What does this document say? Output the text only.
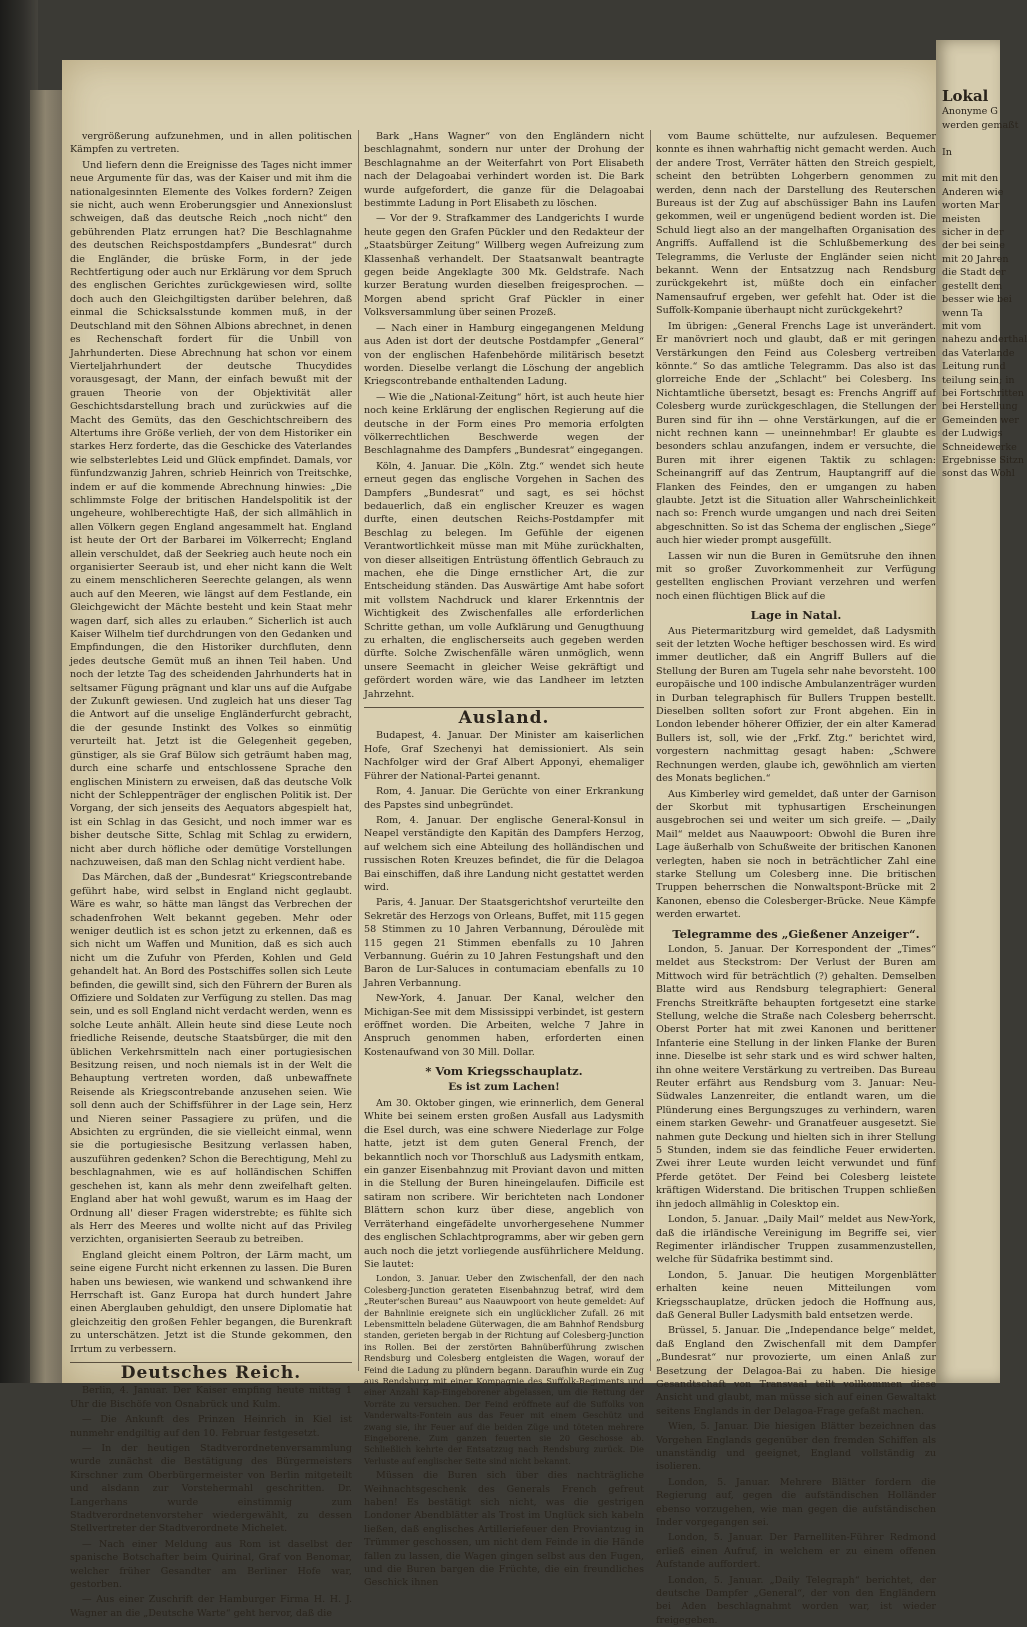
vergrößerung aufzunehmen, und in allen politischen Kämpfen zu vertreten.

Und liefern denn die Ereignisse des Tages nicht immer neue Argumente für das, was der Kaiser und mit ihm die nationalgesinnten Elemente des Volkes fordern? Zeigen sie nicht, auch wenn Eroberungsgier und Annexionslust schweigen, daß das deutsche Reich „noch nicht“ den gebührenden Platz errungen hat? Die Beschlagnahme des deutschen Reichspostdampfers „Bundesrat“ durch die Engländer, die brüske Form, in der jede Rechtfertigung oder auch nur Erklärung vor dem Spruch des englischen Gerichtes zurückgewiesen wird, sollte doch auch den Gleichgiltigsten darüber belehren, daß einmal die Schicksalsstunde kommen muß, in der Deutschland mit den Söhnen Albions abrechnet, in denen es Rechenschaft fordert für die Unbill von Jahrhunderten. Diese Abrechnung hat schon vor einem Vierteljahrhundert der deutsche Thucydides vorausgesagt, der Mann, der einfach bewußt mit der grauen Theorie von der Objektivität aller Geschichtsdarstellung brach und zurückwies auf die Macht des Gemüts, das den Geschichtschreibern des Altertums ihre Größe verlieh, der von dem Historiker ein starkes Herz forderte, das die Geschicke des Vaterlandes wie selbsterlebtes Leid und Glück empfindet. Damals, vor fünfundzwanzig Jahren, schrieb Heinrich von Treitschke, indem er auf die kommende Abrechnung hinwies: „Die schlimmste Folge der britischen Handelspolitik ist der ungeheure, wohlberechtigte Haß, der sich allmählich in allen Völkern gegen England angesammelt hat. England ist heute der Ort der Barbarei im Völkerrecht; England allein verschuldet, daß der Seekrieg auch heute noch ein organisierter Seeraub ist, und eher nicht kann die Welt zu einem menschlicheren Seerechte gelangen, als wenn auch auf den Meeren, wie längst auf dem Festlande, ein Gleichgewicht der Mächte besteht und kein Staat mehr wagen darf, sich alles zu erlauben.“ Sicherlich ist auch Kaiser Wilhelm tief durchdrungen von den Gedanken und Empfindungen, die den Historiker durchfluten, denn jedes deutsche Gemüt muß an ihnen Teil haben. Und noch der letzte Tag des scheidenden Jahrhunderts hat in seltsamer Fügung prägnant und klar uns auf die Aufgabe der Zukunft gewiesen. Und zugleich hat uns dieser Tag die Antwort auf die unselige Engländerfurcht gebracht, die der gesunde Instinkt des Volkes so einmütig verurteilt hat. Jetzt ist die Gelegenheit gegeben, günstiger, als sie Graf Bülow sich geträumt haben mag, durch eine scharfe und entschlossene Sprache den englischen Ministern zu erweisen, daß das deutsche Volk nicht der Schleppenträger der englischen Politik ist. Der Vorgang, der sich jenseits des Aequators abgespielt hat, ist ein Schlag in das Gesicht, und noch immer war es bisher deutsche Sitte, Schlag mit Schlag zu erwidern, nicht aber durch höfliche oder demütige Vorstellungen nachzuweisen, daß man den Schlag nicht verdient habe.

Das Märchen, daß der „Bundesrat“ Kriegscontrebande geführt habe, wird selbst in England nicht geglaubt. Wäre es wahr, so hätte man längst das Verbrechen der schadenfrohen Welt bekannt gegeben. Mehr oder weniger deutlich ist es schon jetzt zu erkennen, daß es sich nicht um Waffen und Munition, daß es sich auch nicht um die Zufuhr von Pferden, Kohlen und Geld gehandelt hat. An Bord des Postschiffes sollen sich Leute befinden, die gewillt sind, sich den Führern der Buren als Offiziere und Soldaten zur Verfügung zu stellen. Das mag sein, und es soll England nicht verdacht werden, wenn es solche Leute anhält. Allein heute sind diese Leute noch friedliche Reisende, deutsche Staatsbürger, die mit den üblichen Verkehrsmitteln nach einer portugiesischen Besitzung reisen, und noch niemals ist in der Welt die Behauptung vertreten worden, daß unbewaffnete Reisende als Kriegscontrebande anzusehen seien. Wie soll denn auch der Schiffsführer in der Lage sein, Herz und Nieren seiner Passagiere zu prüfen, und die Absichten zu ergründen, die sie vielleicht einmal, wenn sie die portugiesische Besitzung verlassen haben, auszuführen gedenken? Schon die Berechtigung, Mehl zu beschlagnahmen, wie es auf holländischen Schiffen geschehen ist, kann als mehr denn zweifelhaft gelten. England aber hat wohl gewußt, warum es im Haag der Ordnung all' dieser Fragen widerstrebte; es fühlte sich als Herr des Meeres und wollte nicht auf das Privileg verzichten, organisierten Seeraub zu betreiben.

England gleicht einem Poltron, der Lärm macht, um seine eigene Furcht nicht erkennen zu lassen. Die Buren haben uns bewiesen, wie wankend und schwankend ihre Herrschaft ist. Ganz Europa hat durch hundert Jahre einen Aberglauben gehuldigt, den unsere Diplomatie hat gleichzeitig den großen Fehler begangen, die Burenkraft zu unterschätzen. Jetzt ist die Stunde gekommen, den Irrtum zu verbessern.

Deutsches Reich.

Berlin, 4. Januar. Der Kaiser empfing heute mittag 1 Uhr die Bischöfe von Osnabrück und Kulm.

— Die Ankunft des Prinzen Heinrich in Kiel ist nunmehr endgiltig auf den 10. Februar festgesetzt.

— In der heutigen Stadtverordnetenversammlung wurde zunächst die Bestätigung des Bürgermeisters Kirschner zum Oberbürgermeister von Berlin mitgeteilt und alsdann zur Vorstehermahl geschritten. Dr. Langerhans wurde einstimmig zum Stadtverordnetenvorsteher wiedergewählt, zu dessen Stellvertreter der Stadtverordnete Michelet.

— Nach einer Meldung aus Rom ist daselbst der spanische Botschafter beim Quirinal, Graf von Benomar, welcher früher Gesandter am Berliner Hofe war, gestorben.

— Aus einer Zuschrift der Hamburger Firma H. H. J. Wagner an die „Deutsche Warte“ geht hervor, daß die

Bark „Hans Wagner“ von den Engländern nicht beschlagnahmt, sondern nur unter der Drohung der Beschlagnahme an der Weiterfahrt von Port Elisabeth nach der Delagoabai verhindert worden ist. Die Bark wurde aufgefordert, die ganze für die Delagoabai bestimmte Ladung in Port Elisabeth zu löschen.

— Vor der 9. Strafkammer des Landgerichts I wurde heute gegen den Grafen Pückler und den Redakteur der „Staatsbürger Zeitung“ Willberg wegen Aufreizung zum Klassenhaß verhandelt. Der Staatsanwalt beantragte gegen beide Angeklagte 300 Mk. Geldstrafe. Nach kurzer Beratung wurden dieselben freigesprochen. — Morgen abend spricht Graf Pückler in einer Volksversammlung über seinen Prozeß.

— Nach einer in Hamburg eingegangenen Meldung aus Aden ist dort der deutsche Postdampfer „General“ von der englischen Hafenbehörde militärisch besetzt worden. Dieselbe verlangt die Löschung der angeblich Kriegscontrebande enthaltenden Ladung.

— Wie die „National-Zeitung“ hört, ist auch heute hier noch keine Erklärung der englischen Regierung auf die deutsche in der Form eines Pro memoria erfolgten völkerrechtlichen Beschwerde wegen der Beschlagnahme des Dampfers „Bundesrat“ eingegangen.

Köln, 4. Januar. Die „Köln. Ztg.“ wendet sich heute erneut gegen das englische Vorgehen in Sachen des Dampfers „Bundesrat“ und sagt, es sei höchst bedauerlich, daß ein englischer Kreuzer es wagen durfte, einen deutschen Reichs-Postdampfer mit Beschlag zu belegen. Im Gefühle der eigenen Verantwortlichkeit müsse man mit Mühe zurückhalten, von dieser allseitigen Entrüstung öffentlich Gebrauch zu machen, ehe die Dinge ernstlicher Art, die zur Entscheidung ständen. Das Auswärtige Amt habe sofort mit vollstem Nachdruck und klarer Erkenntnis der Wichtigkeit des Zwischenfalles alle erforderlichen Schritte gethan, um volle Aufklärung und Genugthuung zu erhalten, die englischerseits auch gegeben werden dürfte. Solche Zwischenfälle wären unmöglich, wenn unsere Seemacht in gleicher Weise gekräftigt und gefördert worden wäre, wie das Landheer im letzten Jahrzehnt.

Ausland.

Budapest, 4. Januar. Der Minister am kaiserlichen Hofe, Graf Szechenyi hat demissioniert. Als sein Nachfolger wird der Graf Albert Apponyi, ehemaliger Führer der National-Partei genannt.

Rom, 4. Januar. Die Gerüchte von einer Erkrankung des Papstes sind unbegründet.

Rom, 4. Januar. Der englische General-Konsul in Neapel verständigte den Kapitän des Dampfers Herzog, auf welchem sich eine Abteilung des holländischen und russischen Roten Kreuzes befindet, die für die Delagoa Bai einschiffen, daß ihre Landung nicht gestattet werden wird.

Paris, 4. Januar. Der Staatsgerichtshof verurteilte den Sekretär des Herzogs von Orleans, Buffet, mit 115 gegen 58 Stimmen zu 10 Jahren Verbannung, Déroulède mit 115 gegen 21 Stimmen ebenfalls zu 10 Jahren Verbannung. Guérin zu 10 Jahren Festungshaft und den Baron de Lur-Saluces in contumaciam ebenfalls zu 10 Jahren Verbannung.

New-York, 4. Januar. Der Kanal, welcher den Michigan-See mit dem Mississippi verbindet, ist gestern eröffnet worden. Die Arbeiten, welche 7 Jahre in Anspruch genommen haben, erforderten einen Kostenaufwand von 30 Mill. Dollar.

* Vom Kriegsschauplatz.
Es ist zum Lachen!

Am 30. Oktober gingen, wie erinnerlich, dem General White bei seinem ersten großen Ausfall aus Ladysmith die Esel durch, was eine schwere Niederlage zur Folge hatte, jetzt ist dem guten General French, der bekanntlich noch vor Thorschluß aus Ladysmith entkam, ein ganzer Eisenbahnzug mit Proviant davon und mitten in die Stellung der Buren hineingelaufen. Difficile est satiram non scribere. Wir berichteten nach Londoner Blättern schon kurz über diese, angeblich von Verräterhand eingefädelte unvorhergesehene Nummer des englischen Schlachtprogramms, aber wir geben gern auch noch die jetzt vorliegende ausführlichere Meldung. Sie lautet:

London, 3. Januar. Ueber den Zwischenfall, der den nach Colesberg-Junction gerateten Eisenbahnzug betraf, wird dem „Reuter'schen Bureau“ aus Naauwpoort von heute gemeldet: Auf der Bahnlinie ereignete sich ein unglücklicher Zufall. 26 mit Lebensmitteln beladene Güterwagen, die am Bahnhof Rendsburg standen, gerieten bergab in der Richtung auf Colesberg-Junction ins Rollen. Bei der zerstörten Bahnüberführung zwischen Rendsburg und Colesberg entgleisten die Wagen, worauf der Feind die Ladung zu plündern begann. Daraufhin wurde ein Zug aus Rendsburg mit einer Kompagnie des Suffolk-Regiments und einer Anzahl Kap-Eingeborener abgelassen, um die Rettung der Vorräte zu versuchen. Der Feind eröffnete auf die Suffolks von Vanderwalts-Fontein aus das Feuer mit einem Geschütz und zwang sie, ihr Feuer auf die beiden Züge und töteten mehrere Eingeborene. Zum ganzen feuerten sie 20 Geschosse ab. Schließlich kehrte der Entsatzzug nach Rendsburg zurück. Die Verluste auf englischer Seite sind nicht bekannt.

Müssen die Buren sich über dies nachträgliche Weihnachtsgeschenk des Generals French gefreut haben! Es bestätigt sich nicht, was die gestrigen Londoner Abendblätter als Trost im Unglück sich kabeln ließen, daß englisches Artilleriefeuer den Proviantzug in Trümmer geschossen, um nicht dem Feinde in die Hände fallen zu lassen, die Wagen gingen selbst aus den Fugen, und die Buren bargen die Früchte, die ein freundliches Geschick ihnen

vom Baume schüttelte, nur aufzulesen. Bequemer konnte es ihnen wahrhaftig nicht gemacht werden. Auch der andere Trost, Verräter hätten den Streich gespielt, scheint den betrübten Lohgerbern genommen zu werden, denn nach der Darstellung des Reuterschen Bureaus ist der Zug auf abschüssiger Bahn ins Laufen gekommen, weil er ungenügend bedient worden ist. Die Schuld liegt also an der mangelhaften Organisation des Angriffs. Auffallend ist die Schlußbemerkung des Telegramms, die Verluste der Engländer seien nicht bekannt. Wenn der Entsatzzug nach Rendsburg zurückgekehrt ist, müßte doch ein einfacher Namensaufruf ergeben, wer gefehlt hat. Oder ist die Suffolk-Kompanie überhaupt nicht zurückgekehrt?

Im übrigen: „General Frenchs Lage ist unverändert. Er manövriert noch und glaubt, daß er mit geringen Verstärkungen den Feind aus Colesberg vertreiben könnte.“ So das amtliche Telegramm. Das also ist das glorreiche Ende der „Schlacht“ bei Colesberg. Ins Nichtamtliche übersetzt, besagt es: Frenchs Angriff auf Colesberg wurde zurückgeschlagen, die Stellungen der Buren sind für ihn — ohne Verstärkungen, auf die er nicht rechnen kann — uneinnehmbar! Er glaubte es besonders schlau anzufangen, indem er versuchte, die Buren mit ihrer eigenen Taktik zu schlagen: Scheinangriff auf das Zentrum, Hauptangriff auf die Flanken des Feindes, den er umgangen zu haben glaubte. Jetzt ist die Situation aller Wahrscheinlichkeit nach so: French wurde umgangen und nach drei Seiten abgeschnitten. So ist das Schema der englischen „Siege“ auch hier wieder prompt ausgefüllt.

Lassen wir nun die Buren in Gemütsruhe den ihnen mit so großer Zuvorkommenheit zur Verfügung gestellten englischen Proviant verzehren und werfen noch einen flüchtigen Blick auf die

Lage in Natal.

Aus Pietermaritzburg wird gemeldet, daß Ladysmith seit der letzten Woche heftiger beschossen wird. Es wird immer deutlicher, daß ein Angriff Bullers auf die Stellung der Buren am Tugela sehr nahe bevorsteht. 100 europäische und 100 indische Ambulanzenträger wurden in Durban telegraphisch für Bullers Truppen bestellt. Dieselben sollten sofort zur Front abgehen. Ein in London lebender höherer Offizier, der ein alter Kamerad Bullers ist, soll, wie der „Frkf. Ztg.“ berichtet wird, vorgestern nachmittag gesagt haben: „Schwere Rechnungen werden, glaube ich, gewöhnlich am vierten des Monats beglichen.“

Aus Kimberley wird gemeldet, daß unter der Garnison der Skorbut mit typhusartigen Erscheinungen ausgebrochen sei und weiter um sich greife. — „Daily Mail“ meldet aus Naauwpoort: Obwohl die Buren ihre Lage äußerhalb von Schußweite der britischen Kanonen verlegten, haben sie noch in beträchtlicher Zahl eine starke Stellung um Colesberg inne. Die britischen Truppen beherrschen die Nonwaltspont-Brücke mit 2 Kanonen, ebenso die Colesberger-Brücke. Neue Kämpfe werden erwartet.

Telegramme des „Gießener Anzeiger“.

London, 5. Januar. Der Korrespondent der „Times“ meldet aus Steckstrom: Der Verlust der Buren am Mittwoch wird für beträchtlich (?) gehalten. Demselben Blatte wird aus Rendsburg telegraphiert: General Frenchs Streitkräfte behaupten fortgesetzt eine starke Stellung, welche die Straße nach Colesberg beherrscht. Oberst Porter hat mit zwei Kanonen und berittener Infanterie eine Stellung in der linken Flanke der Buren inne. Dieselbe ist sehr stark und es wird schwer halten, ihn ohne weitere Verstärkung zu vertreiben. Das Bureau Reuter erfährt aus Rendsburg vom 3. Januar: Neu-Südwales Lanzenreiter, die entlandt waren, um die Plünderung eines Bergungszuges zu verhindern, waren einem starken Gewehr- und Granatfeuer ausgesetzt. Sie nahmen gute Deckung und hielten sich in ihrer Stellung 5 Stunden, indem sie das feindliche Feuer erwiderten. Zwei ihrer Leute wurden leicht verwundet und fünf Pferde getötet. Der Feind bei Colesberg leistete kräftigen Widerstand. Die britischen Truppen schließen ihn jedoch allmählig in Colesktop ein.

London, 5. Januar. „Daily Mail“ meldet aus New-York, daß die irländische Vereinigung im Begriffe sei, vier Regimenter irländischer Truppen zusammenzustellen, welche für Südafrika bestimmt sind.

London, 5. Januar. Die heutigen Morgenblätter erhalten keine neuen Mitteilungen vom Kriegsschauplatze, drücken jedoch die Hoffnung aus, daß General Buller Ladysmith bald entsetzen werde.

Brüssel, 5. Januar. Die „Independance belge“ meldet, daß England den Zwischenfall mit dem Dampfer „Bundesrat“ nur provozierte, um einen Anlaß zur Besetzung der Delagoa-Bai zu haben. Die hiesige Gesandtschaft von Transvaal teilt vollkommen diese Ansicht und glaubt, man müsse sich auf einen Gewaltakt seitens Englands in der Delagoa-Frage gefaßt machen.

Wien, 5. Januar. Die hiesigen Blätter bezeichnen das Vorgehen Englands gegenüber den fremden Schiffen als unanständig und geeignet, England vollständig zu isolieren.

London, 5. Januar. Mehrere Blätter fordern die Regierung auf, gegen die aufständischen Holländer ebenso vorzugehen, wie man gegen die aufständischen Inder vorgegangen sei.

London, 5. Januar. Der Parnelliten-Führer Redmond erließ einen Aufruf, in welchem er zu einem offenen Aufstande auffordert.

London, 5. Januar. „Daily Telegraph“ berichtet, der deutsche Dampfer „General“, der von den Engländern bei Aden beschlagnahmt worden war, ist wieder freigegeben.

Lokal
Anonyme G
werden gemaßt

In

mit mit den
Anderen wie
worten Mar
meisten
sicher in der
der bei seine
mit 20 Jahren
die Stadt der
gestellt dem
besser wie bei
wenn Ta
mit vom
nahezu anderthal
das Vaterlande
Leitung rund
teilung sein; in
bei Fortschritten
bei Herstellung
Gemeinden wer
der Ludwigs
Schneidewerke
Ergebnisse Sitzn
sonst das Wohl
